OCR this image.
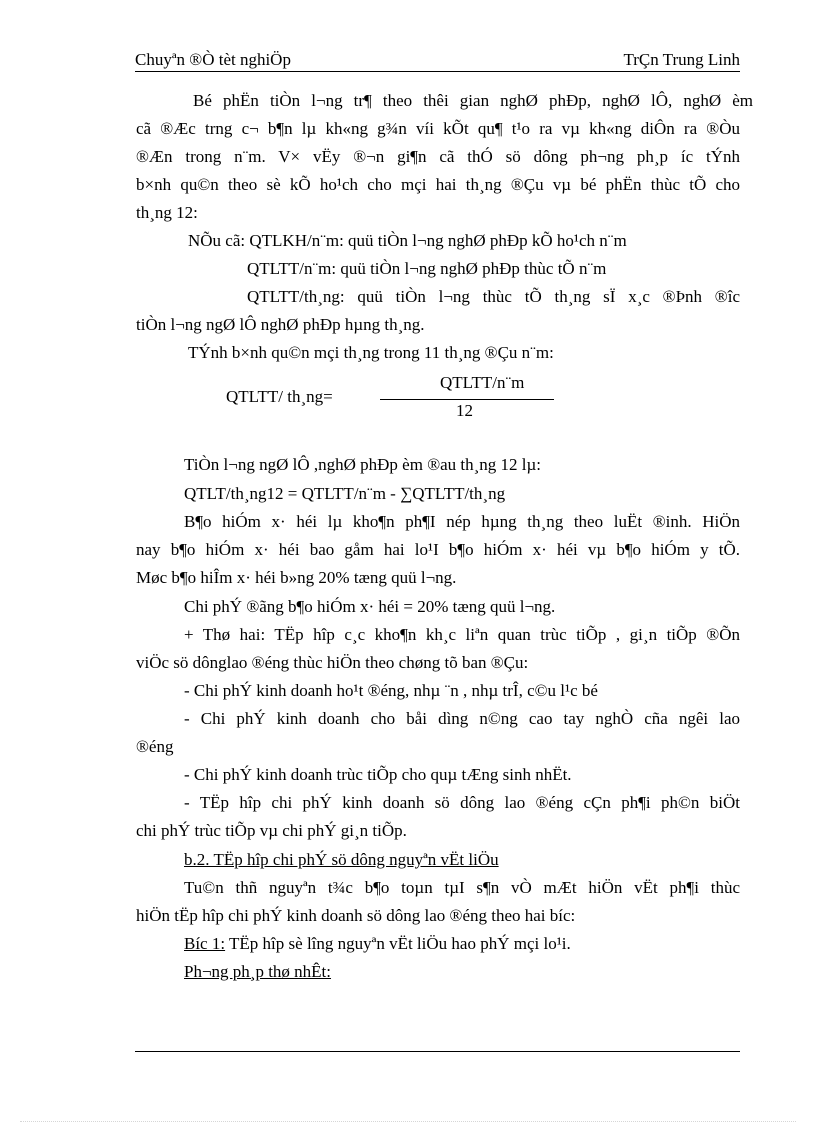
Chuyªn ®Ò tèt nghiÖp	TrÇn Trung Linh
Bé phËn tiÒn l¬ng tr¶ theo thêi gian nghØ phÐp, nghØ lÔ, nghØ èm
cã ®Æc trng c¬ b¶n lµ kh«ng g¾n víi kÕt qu¶ t¹o ra vµ kh«ng diÔn ra ®Òu
®Æn trong n¨m. V× vËy ®¬n gi¶n cã thÓ sö dông ph¬ng ph¸p íc tÝnh
b×nh qu©n theo sè kÕ ho¹ch cho mçi hai th¸ng ®Çu vµ bé phËn thùc tÕ cho
th¸ng 12:
NÕu cã: QTLKH/n¨m: quü tiÒn l¬ng nghØ phÐp kÕ ho¹ch n¨m
QTLTT/n¨m: quü tiÒn l¬ng nghØ phÐp thùc tÕ n¨m
QTLTT/th¸ng: quü tiÒn l¬ng thùc tÕ th¸ng sÏ x¸c ®Þnh ®îc
tiÒn l¬ng ngØ lÔ nghØ phÐp hµng th¸ng.
TÝnh b×nh qu©n mçi th¸ng trong 11 th¸ng ®Çu n¨m:
QTLTT/ th¸ng=
QTLTT/n¨m
12
TiÒn l¬ng ngØ lÔ ,nghØ phÐp èm ®au th¸ng 12 lµ:
QTLT/th¸ng12 = QTLTT/n¨m - ∑QTLTT/th¸ng
B¶o hiÓm x· héi lµ kho¶n ph¶I nép hµng th¸ng theo luËt ®inh. HiÖn
nay b¶o hiÓm x· héi bao gåm hai lo¹I b¶o hiÓm x· héi vµ b¶o hiÓm y tÕ.
Møc b¶o hiÎm x· héi b»ng 20% tæng quü l¬ng.
Chi phÝ ®ãng b¶o hiÓm x· héi = 20% tæng quü l¬ng.
+ Thø hai: TËp hîp c¸c kho¶n kh¸c liªn quan trùc tiÕp , gi¸n tiÕp ®Õn
viÖc sö dônglao ®éng thùc hiÖn theo chøng tõ ban ®Çu:
- Chi phÝ kinh doanh ho¹t ®éng, nhµ ¨n , nhµ trÎ, c©u l¹c bé
- Chi phÝ kinh doanh cho båi dìng n©ng cao tay nghÒ cña ngêi lao
®éng
- Chi phÝ kinh doanh trùc tiÕp cho quµ tÆng sinh nhËt.
- TËp hîp chi phÝ kinh doanh sö dông lao ®éng cÇn ph¶i ph©n biÖt
chi phÝ trùc tiÕp vµ chi phÝ gi¸n tiÕp.
b.2. TËp hîp chi phÝ sö dông nguyªn vËt liÖu
Tu©n thñ nguyªn t¾c b¶o toµn tµI s¶n vÒ mÆt hiÖn vËt ph¶i thùc
hiÖn tËp hîp chi phÝ kinh doanh sö dông lao ®éng theo hai bíc:
Bíc 1: TËp hîp sè lîng nguyªn vËt liÖu hao phÝ mçi lo¹i.
Ph¬ng ph¸p thø nhÊt:
